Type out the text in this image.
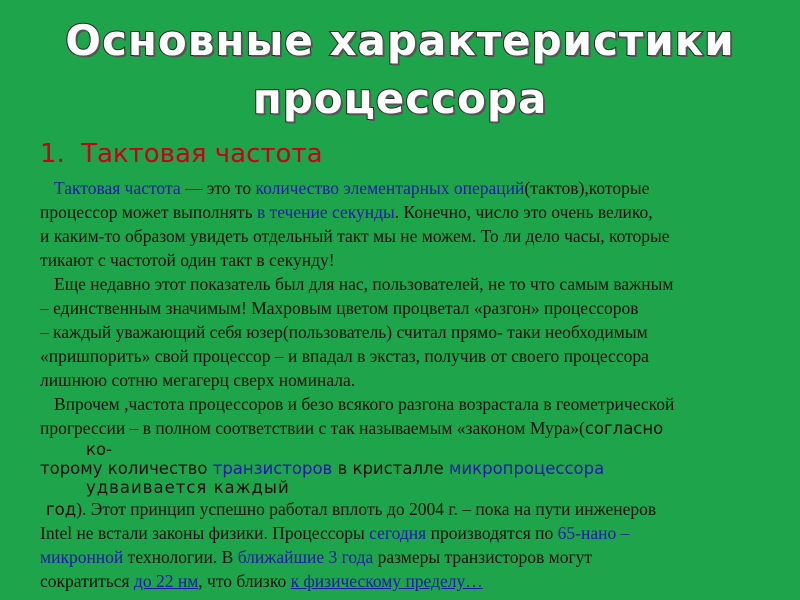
Основные характеристики
процессора
1. Тактовая частота

Тактовая частота — это то количество элементарных операций(тактов),которые

процессор может выполнять в течение секунды. Конечно, число это очень велико,

и каким-то образом увидеть отдельный такт мы не можем. То ли дело часы, которые

тикают с частотой один такт в секунду!

Еще недавно этот показатель был для нас, пользователей, не то что самым важным

– единственным значимым! Махровым цветом процветал «разгон» процессоров

– каждый уважающий себя юзер(пользователь) считал прямо- таки необходимым

«пришпорить» свой процессор – и впадал в экстаз, получив от своего процессора

лишнюю сотню мегагерц сверх номинала.

Впрочем ,частота процессоров и безо всякого разгона возрастала в геометрической

прогрессии – в полном соответствии с так называемым «законом Мура»(согласно

ко-
торому количество транзисторов в кристалле микропроцессора
удваивается каждый

год). Этот принцип успешно работал вплоть до 2004 г. – пока на пути инженеров

Intel не встали законы физики. Процессоры сегодня производятся по 65-нано –

микронной технологии. В ближайшие 3 года размеры транзисторов могут

сократиться до 22 нм, что близко к физическому пределу…
